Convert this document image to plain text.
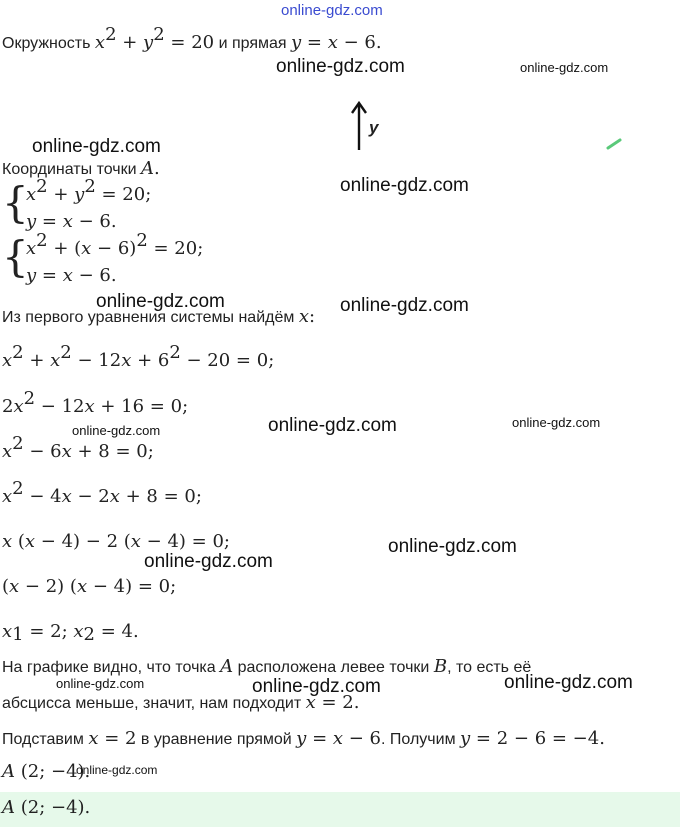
online-gdz.com
Окружность $x^2 + y^2 = 20$ и прямая y = x − 6.
y
Координаты точки A.
{
$x^2 + y^2 = 20$;
y = x − 6.
{
$x^2 + (x - 6)^2 = 20$;
y = x − 6.
Из первого уравнения системы найдём x:
$x^2 + x^2 - 12x + 6^2 - 20 = 0$;
$2x^2 - 12x + 16 = 0$;
$x^2 - 6x + 8 = 0$;
$x^2 - 4x - 2x + 8 = 0$;
x (x − 4) − 2 (x − 4) = 0;
(x − 2) (x − 4) = 0;
$x_1 = 2$; $x_2 = 4$.
На графике видно, что точка A расположена левее точки B, то есть её
абсцисса меньше, значит, нам подходит x = 2.
Подставим x = 2 в уравнение прямой y = x − 6. Получим y = 2 − 6 = −4.
A (2; −4).
A (2; −4).
online-gdz.com	online-gdz.com
online-gdz.com
online-gdz.com
online-gdz.com	online-gdz.com
online-gdz.com	online-gdz.com	online-gdz.com
online-gdz.com
online-gdz.com
online-gdz.com	online-gdz.com	online-gdz.com
online-gdz.com
